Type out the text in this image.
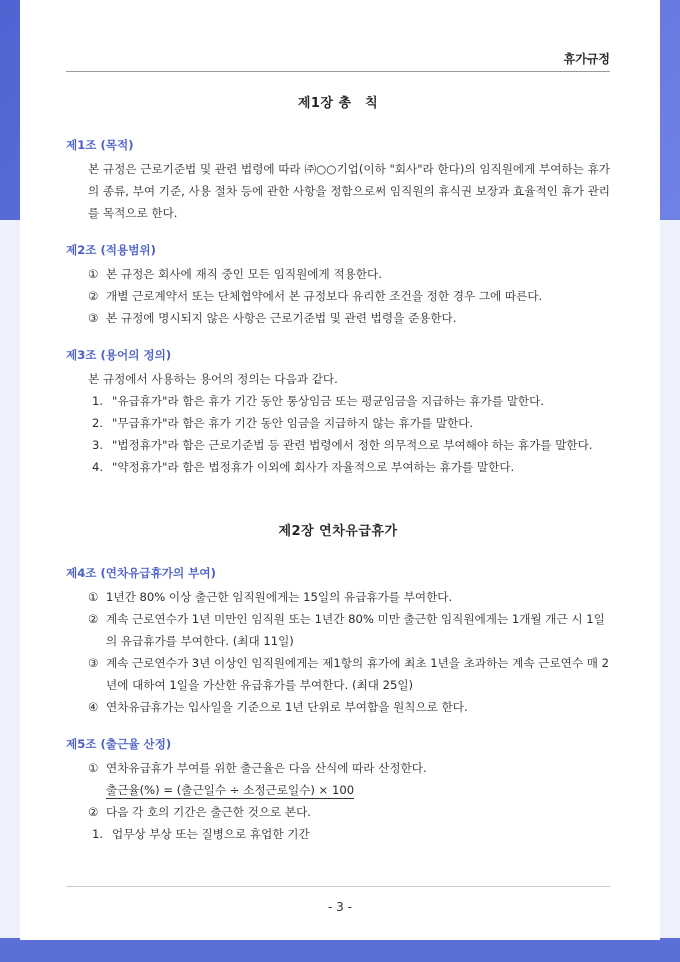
휴가규정
제1장 총　칙
제1조 (목적)
본 규정은 근로기준법 및 관련 법령에 따라 ㈜○○기업(이하 "회사"라 한다)의 임직원에게 부여하는 휴가의 종류, 부여 기준, 사용 절차 등에 관한 사항을 정함으로써 임직원의 휴식권 보장과 효율적인 휴가 관리를 목적으로 한다.
제2조 (적용범위)
① 본 규정은 회사에 재직 중인 모든 임직원에게 적용한다.
② 개별 근로계약서 또는 단체협약에서 본 규정보다 유리한 조건을 정한 경우 그에 따른다.
③ 본 규정에 명시되지 않은 사항은 근로기준법 및 관련 법령을 준용한다.
제3조 (용어의 정의)
본 규정에서 사용하는 용어의 정의는 다음과 같다.
1. "유급휴가"라 함은 휴가 기간 동안 통상임금 또는 평균임금을 지급하는 휴가를 말한다.
2. "무급휴가"라 함은 휴가 기간 동안 임금을 지급하지 않는 휴가를 말한다.
3. "법정휴가"라 함은 근로기준법 등 관련 법령에서 정한 의무적으로 부여해야 하는 휴가를 말한다.
4. "약정휴가"라 함은 법정휴가 이외에 회사가 자율적으로 부여하는 휴가를 말한다.
제2장 연차유급휴가
제4조 (연차유급휴가의 부여)
① 1년간 80% 이상 출근한 임직원에게는 15일의 유급휴가를 부여한다.
② 계속 근로연수가 1년 미만인 임직원 또는 1년간 80% 미만 출근한 임직원에게는 1개월 개근 시 1일의 유급휴가를 부여한다. (최대 11일)
③ 계속 근로연수가 3년 이상인 임직원에게는 제1항의 휴가에 최초 1년을 초과하는 계속 근로연수 매 2년에 대하여 1일을 가산한 유급휴가를 부여한다. (최대 25일)
④ 연차유급휴가는 입사일을 기준으로 1년 단위로 부여함을 원칙으로 한다.
제5조 (출근율 산정)
① 연차유급휴가 부여를 위한 출근율은 다음 산식에 따라 산정한다.
출근율(%) = (출근일수 ÷ 소정근로일수) × 100
② 다음 각 호의 기간은 출근한 것으로 본다.
1. 업무상 부상 또는 질병으로 휴업한 기간
- 3 -
